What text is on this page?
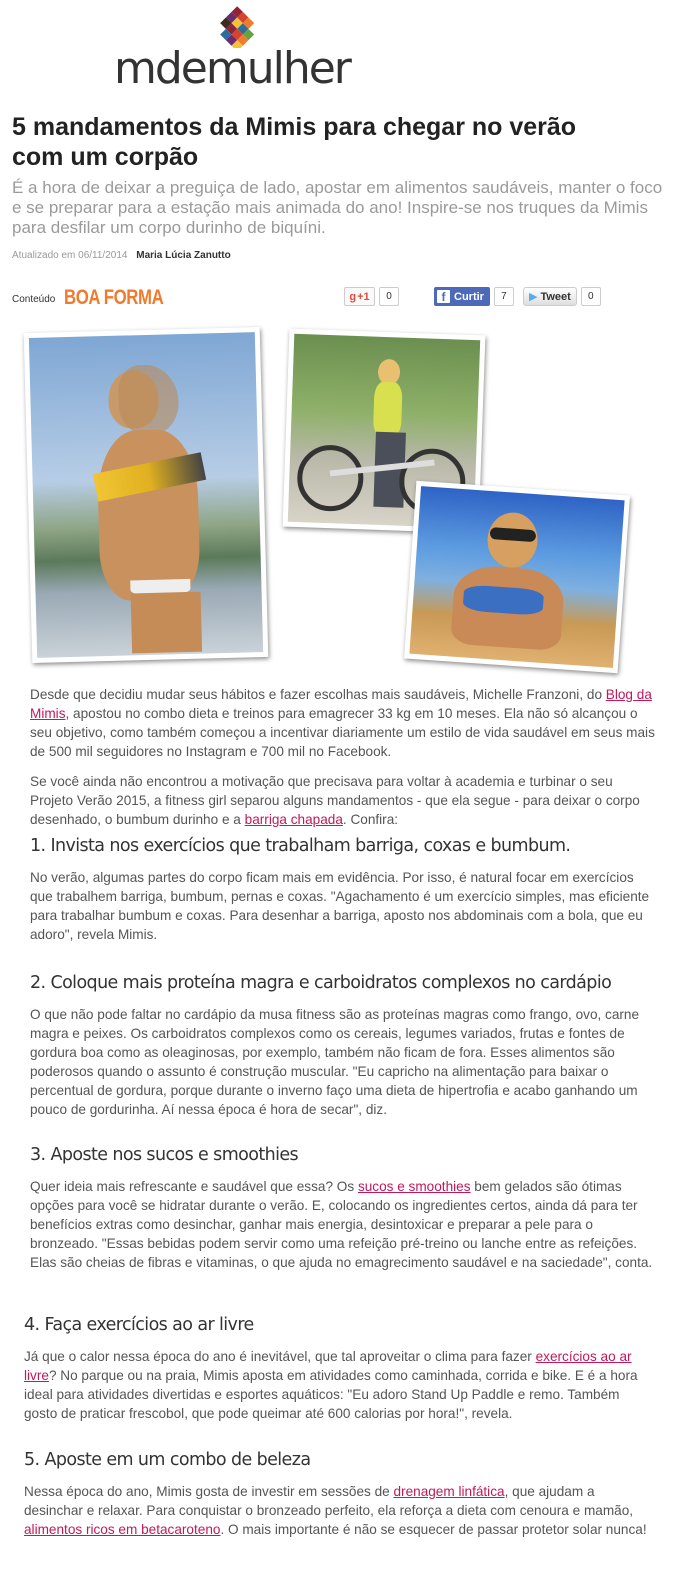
mdemulher
5 mandamentos da Mimis para chegar no verão com um corpão

É a hora de deixar a preguiça de lado, apostar em alimentos saudáveis, manter o foco e se preparar para a estação mais animada do ano! Inspire-se nos truques da Mimis para desfilar um corpo durinho de biquíni.

Atualizado em 06/11/2014 Maria Lúcia Zanutto
Conteúdo BOA FORMA	g +1	0	f Curtir	7	▶ Tweet	0

Desde que decidiu mudar seus hábitos e fazer escolhas mais saudáveis, Michelle Franzoni, do Blog da Mimis, apostou no combo dieta e treinos para emagrecer 33 kg em 10 meses. Ela não só alcançou o seu objetivo, como também começou a incentivar diariamente um estilo de vida saudável em seus mais de 500 mil seguidores no Instagram e 700 mil no Facebook.

Se você ainda não encontrou a motivação que precisava para voltar à academia e turbinar o seu Projeto Verão 2015, a fitness girl separou alguns mandamentos - que ela segue - para deixar o corpo desenhado, o bumbum durinho e a barriga chapada. Confira:

1. Invista nos exercícios que trabalham barriga, coxas e bumbum.

No verão, algumas partes do corpo ficam mais em evidência. Por isso, é natural focar em exercícios que trabalhem barriga, bumbum, pernas e coxas. "Agachamento é um exercício simples, mas eficiente para trabalhar bumbum e coxas. Para desenhar a barriga, aposto nos abdominais com a bola, que eu adoro", revela Mimis.

2. Coloque mais proteína magra e carboidratos complexos no cardápio

O que não pode faltar no cardápio da musa fitness são as proteínas magras como frango, ovo, carne magra e peixes. Os carboidratos complexos como os cereais, legumes variados, frutas e fontes de gordura boa como as oleaginosas, por exemplo, também não ficam de fora. Esses alimentos são poderosos quando o assunto é construção muscular. "Eu capricho na alimentação para baixar o percentual de gordura, porque durante o inverno faço uma dieta de hipertrofia e acabo ganhando um pouco de gordurinha. Aí nessa época é hora de secar", diz.

3. Aposte nos sucos e smoothies

Quer ideia mais refrescante e saudável que essa? Os sucos e smoothies bem gelados são ótimas opções para você se hidratar durante o verão. E, colocando os ingredientes certos, ainda dá para ter benefícios extras como desinchar, ganhar mais energia, desintoxicar e preparar a pele para o bronzeado. "Essas bebidas podem servir como uma refeição pré-treino ou lanche entre as refeições. Elas são cheias de fibras e vitaminas, o que ajuda no emagrecimento saudável e na saciedade", conta.

4. Faça exercícios ao ar livre

Já que o calor nessa época do ano é inevitável, que tal aproveitar o clima para fazer exercícios ao ar livre? No parque ou na praia, Mimis aposta em atividades como caminhada, corrida e bike. E é a hora ideal para atividades divertidas e esportes aquáticos: "Eu adoro Stand Up Paddle e remo. Também gosto de praticar frescobol, que pode queimar até 600 calorias por hora!", revela.

5. Aposte em um combo de beleza

Nessa época do ano, Mimis gosta de investir em sessões de drenagem linfática, que ajudam a desinchar e relaxar. Para conquistar o bronzeado perfeito, ela reforça a dieta com cenoura e mamão, alimentos ricos em betacaroteno. O mais importante é não se esquecer de passar protetor solar nunca!
